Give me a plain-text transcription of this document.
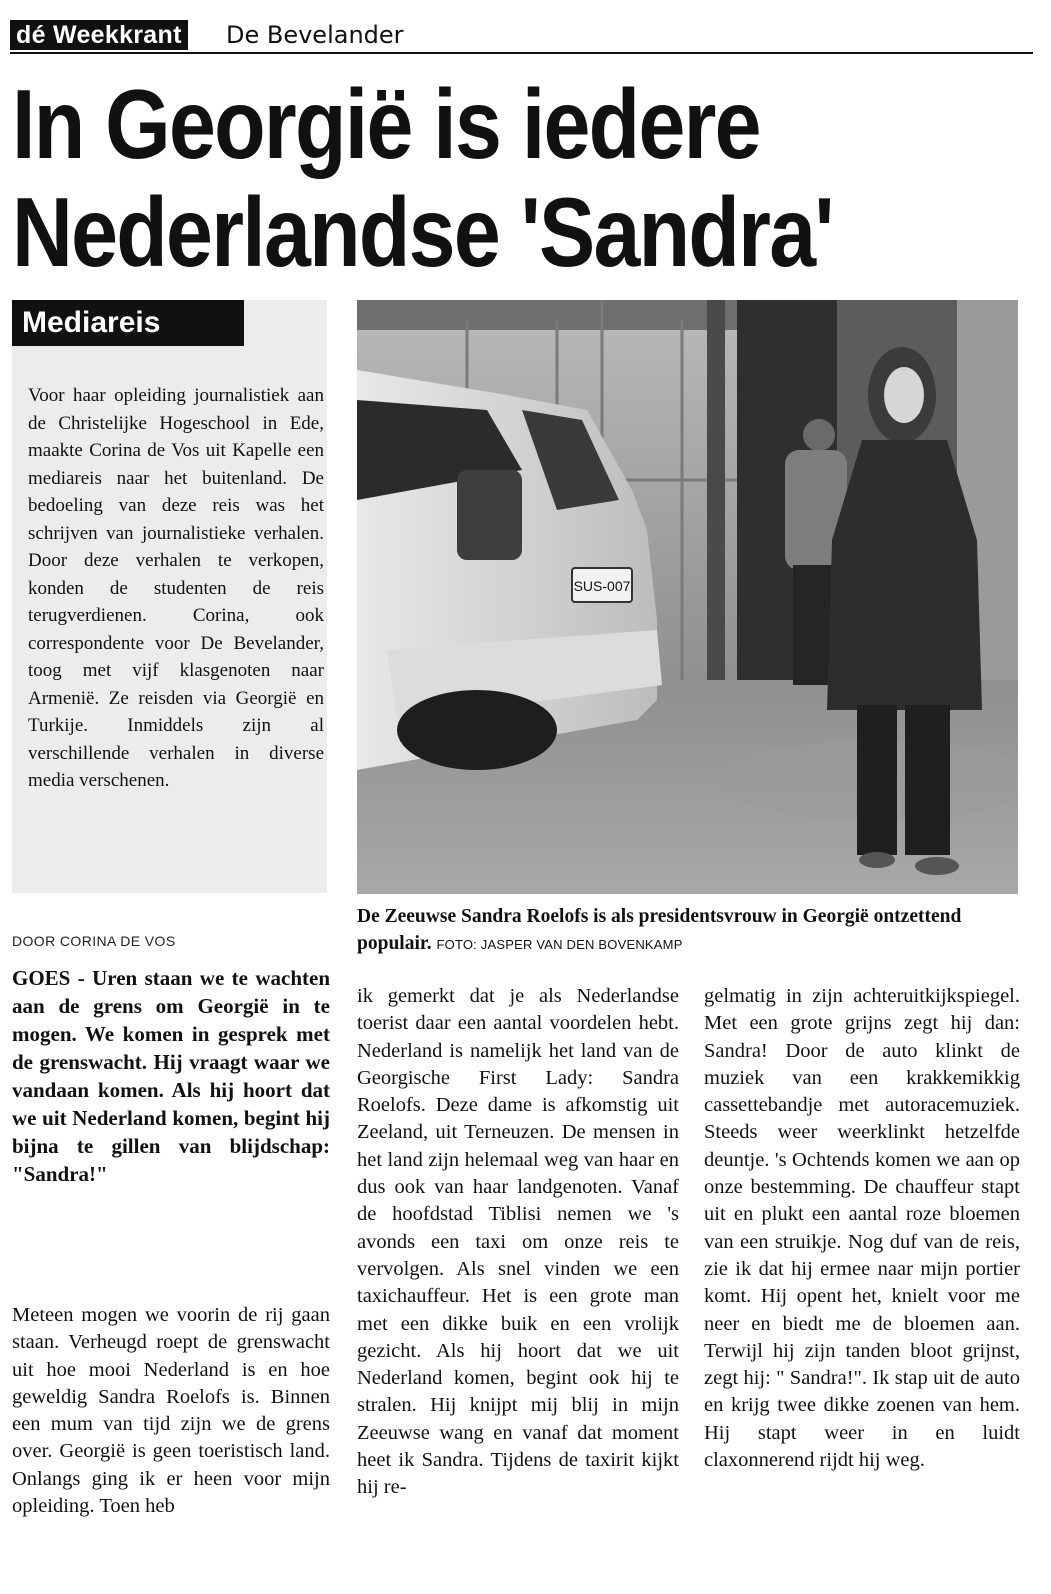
dé Weekkrant De Bevelander
In Georgië is iedere
Nederlandse 'Sandra'
Mediareis

Voor haar opleiding journalistiek aan de Christelijke Hogeschool in Ede, maakte Corina de Vos uit Kapelle een mediareis naar het buitenland. De bedoeling van deze reis was het schrijven van journalistieke verhalen. Door deze verhalen te verkopen, konden de studenten de reis terugverdienen. Corina, ook correspondente voor De Bevelander, toog met vijf klasgenoten naar Armenië. Ze reisden via Georgië en Turkije. Inmiddels zijn al verschillende verhalen in diverse media verschenen.

SUS-007

De Zeeuwse Sandra Roelofs is als presidentsvrouw in Georgië ontzettend populair. FOTO: JASPER VAN DEN BOVENKAMP

DOOR CORINA DE VOS

GOES - Uren staan we te wachten aan de grens om Georgië in te mogen. We komen in gesprek met de grenswacht. Hij vraagt waar we vandaan komen. Als hij hoort dat we uit Nederland komen, begint hij bijna te gillen van blijdschap: "Sandra!"

Meteen mogen we voorin de rij gaan staan. Verheugd roept de grenswacht uit hoe mooi Nederland is en hoe geweldig Sandra Roelofs is. Binnen een mum van tijd zijn we de grens over. Georgië is geen toeristisch land. Onlangs ging ik er heen voor mijn opleiding. Toen heb

ik gemerkt dat je als Nederlandse toerist daar een aantal voordelen hebt. Nederland is namelijk het land van de Georgische First Lady: Sandra Roelofs. Deze dame is afkomstig uit Zeeland, uit Terneuzen. De mensen in het land zijn helemaal weg van haar en dus ook van haar landgenoten. Vanaf de hoofdstad Tiblisi nemen we 's avonds een taxi om onze reis te vervolgen. Als snel vinden we een taxichauffeur. Het is een grote man met een dikke buik en een vrolijk gezicht. Als hij hoort dat we uit Nederland komen, begint ook hij te stralen. Hij knijpt mij blij in mijn Zeeuwse wang en vanaf dat moment heet ik Sandra. Tijdens de taxirit kijkt hij re-

gelmatig in zijn achteruitkijkspiegel. Met een grote grijns zegt hij dan: Sandra! Door de auto klinkt de muziek van een krakkemikkig cassettebandje met autoracemuziek. Steeds weer weerklinkt hetzelfde deuntje. 's Ochtends komen we aan op onze bestemming. De chauffeur stapt uit en plukt een aantal roze bloemen van een struikje. Nog duf van de reis, zie ik dat hij ermee naar mijn portier komt. Hij opent het, knielt voor me neer en biedt me de bloemen aan. Terwijl hij zijn tanden bloot grijnst, zegt hij: " Sandra!". Ik stap uit de auto en krijg twee dikke zoenen van hem. Hij stapt weer in en luidt claxonnerend rijdt hij weg.
